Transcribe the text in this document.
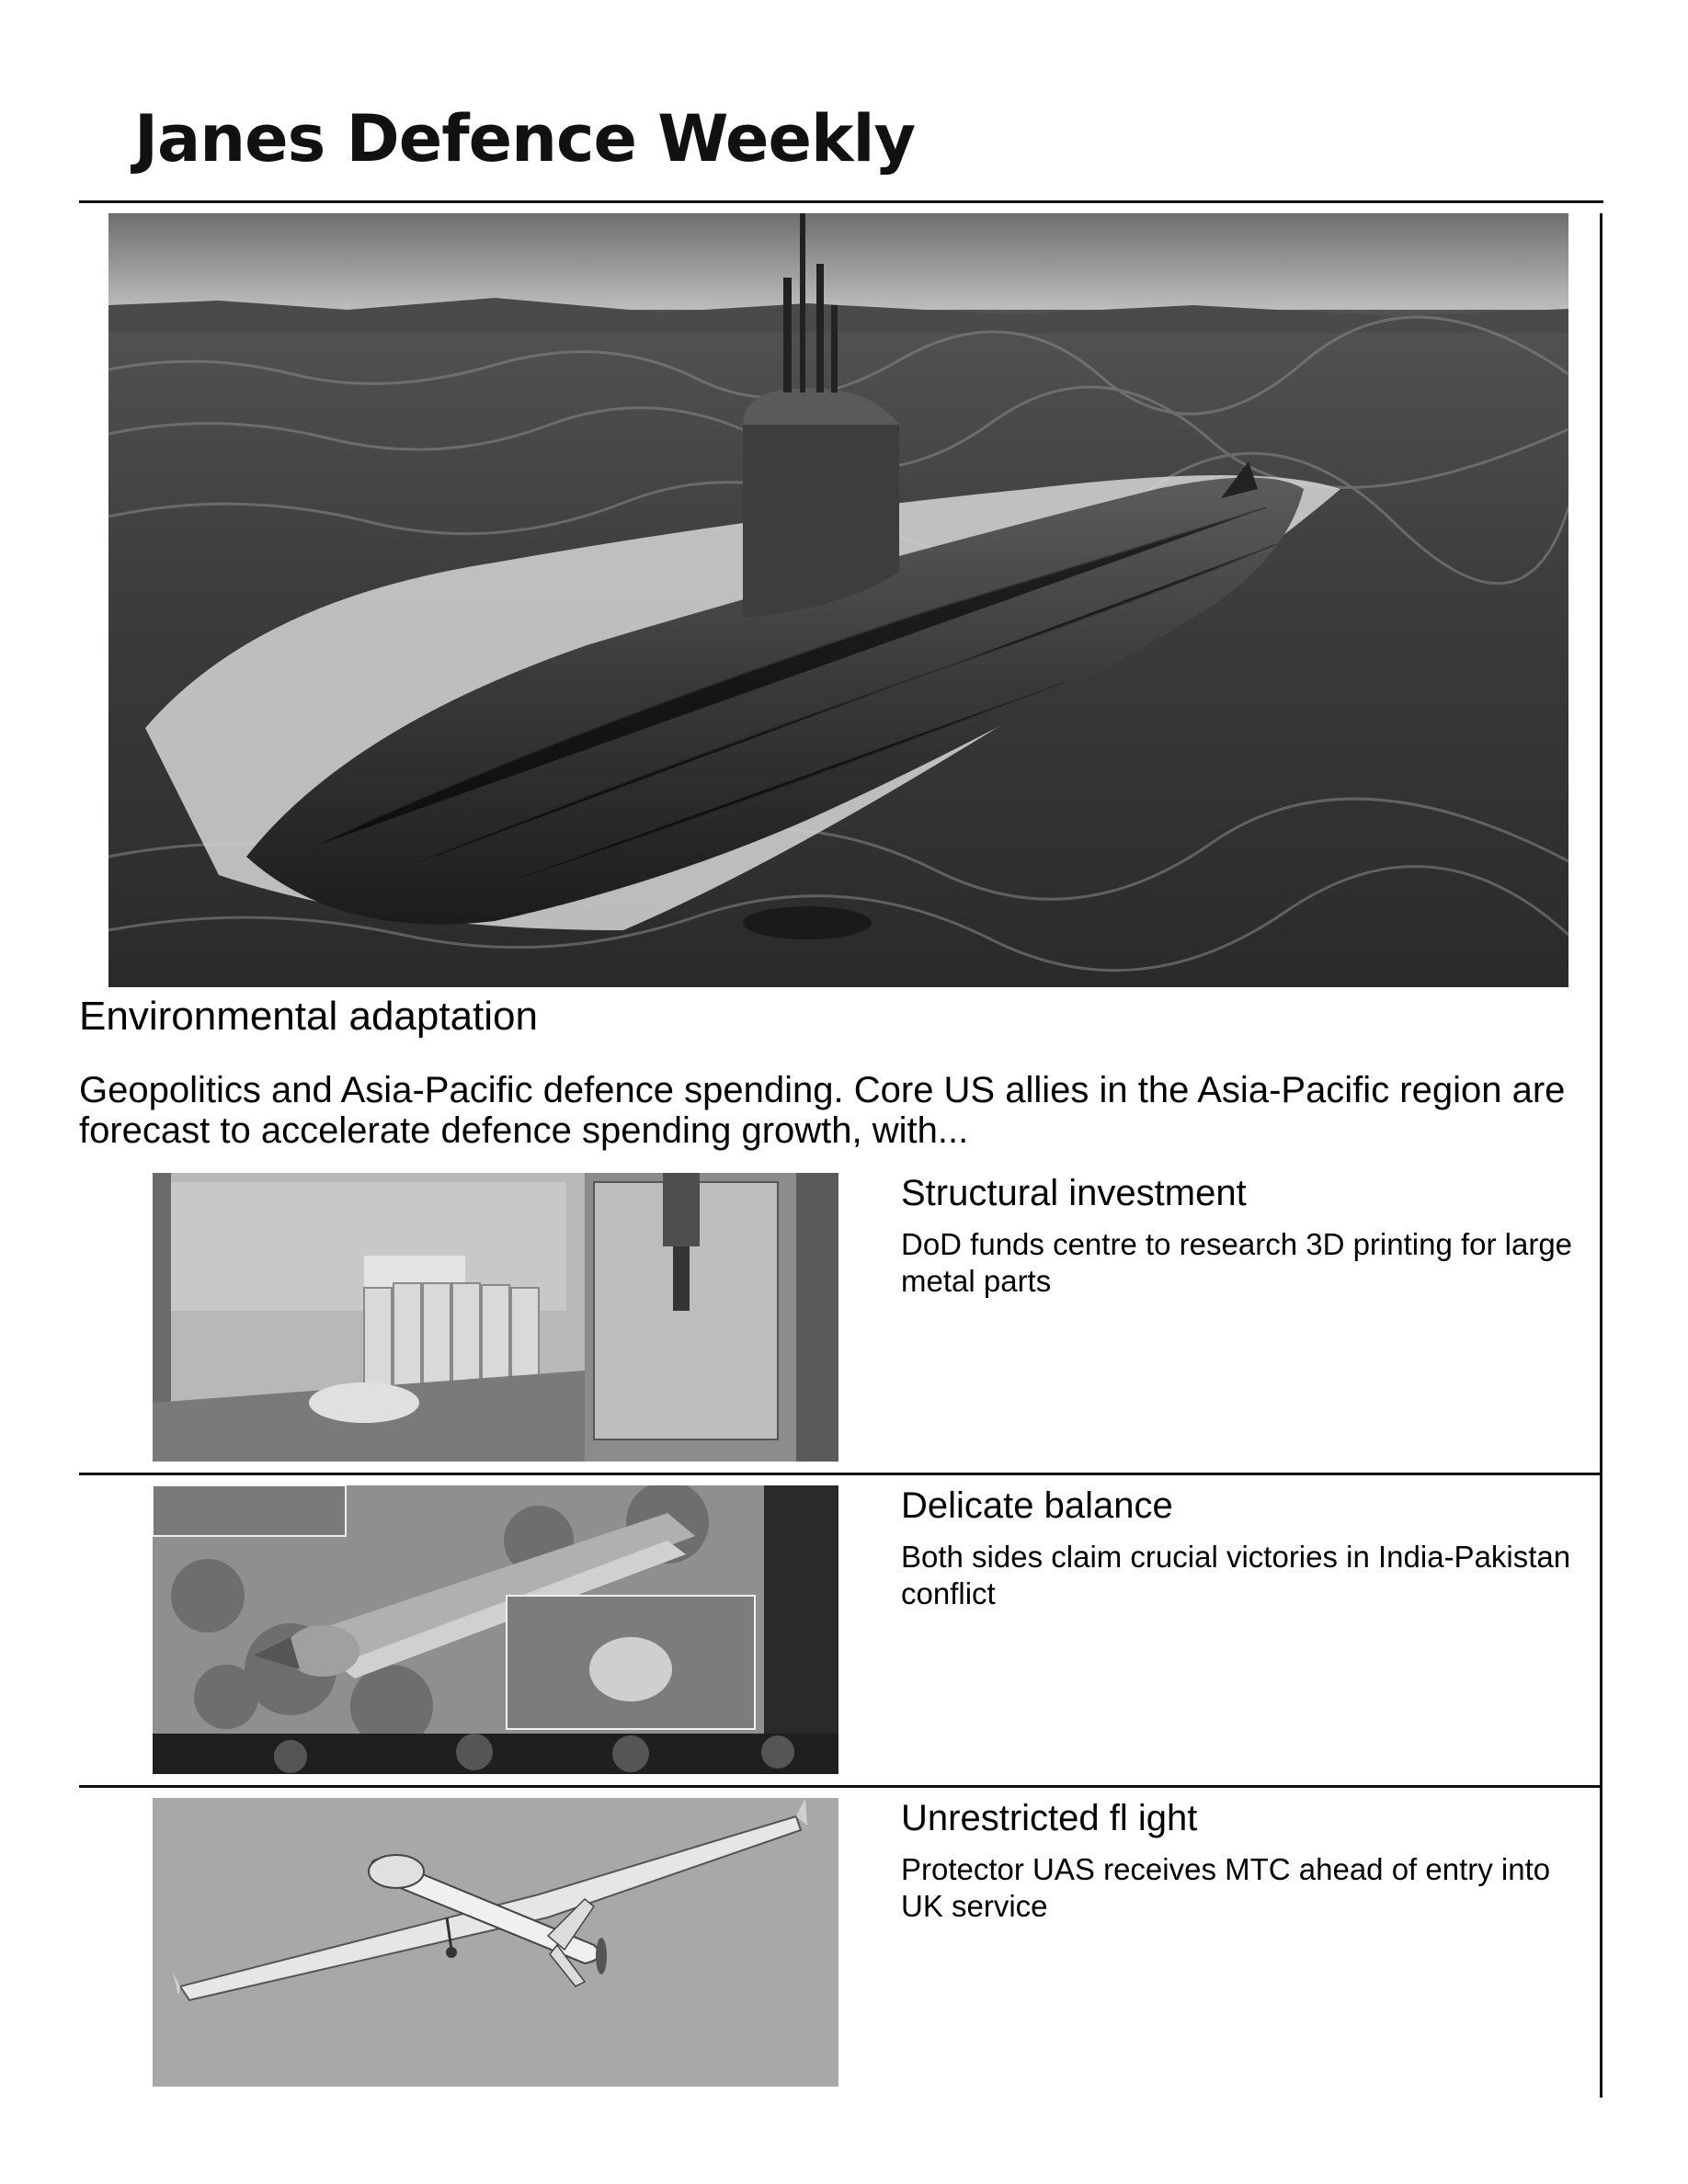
Janes Defence Weekly
Environmental adaptation
Geopolitics and Asia-Pacific defence spending. Core US allies in the Asia-Pacific region are forecast to accelerate defence spending growth, with...
Structural investment
DoD funds centre to research 3D printing for large metal parts
Delicate balance
Both sides claim crucial victories in India-Pakistan conflict
Unrestricted fl ight
Protector UAS receives MTC ahead of entry into UK service
